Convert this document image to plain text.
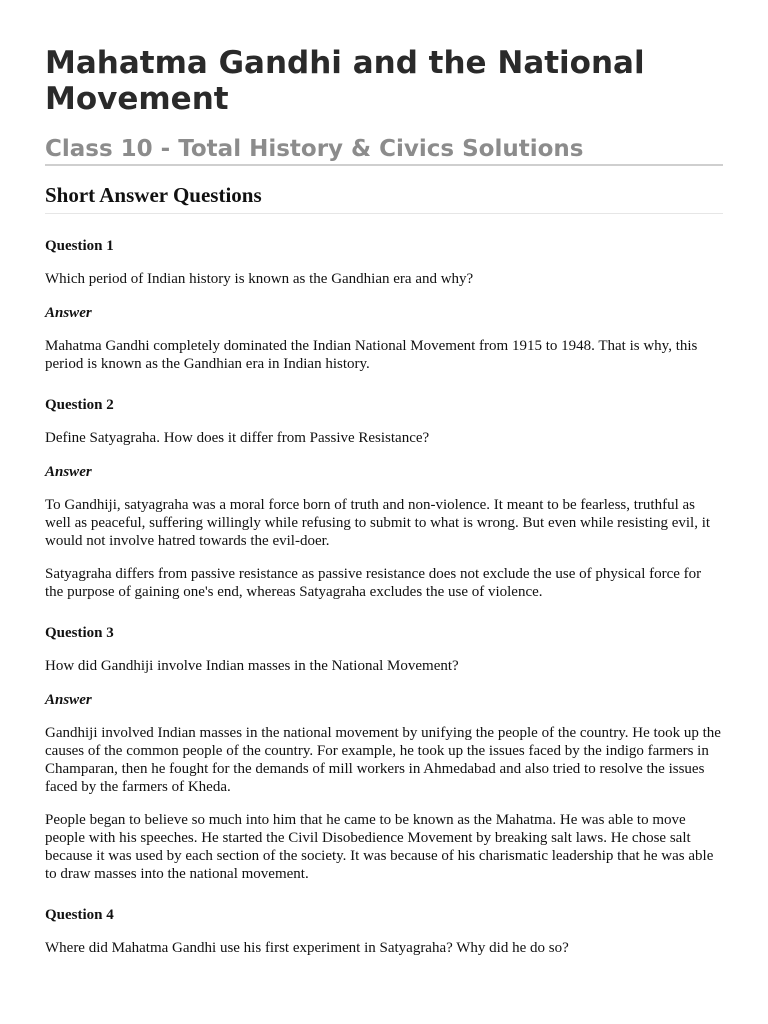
Mahatma Gandhi and the National Movement
Class 10 - Total History & Civics Solutions
Short Answer Questions

Question 1

Which period of Indian history is known as the Gandhian era and why?

Answer

Mahatma Gandhi completely dominated the Indian National Movement from 1915 to 1948. That is why, this period is known as the Gandhian era in Indian history.

Question 2

Define Satyagraha. How does it differ from Passive Resistance?

Answer

To Gandhiji, satyagraha was a moral force born of truth and non-violence. It meant to be fearless, truthful as well as peaceful, suffering willingly while refusing to submit to what is wrong. But even while resisting evil, it would not involve hatred towards the evil-doer.

Satyagraha differs from passive resistance as passive resistance does not exclude the use of physical force for the purpose of gaining one's end, whereas Satyagraha excludes the use of violence.

Question 3

How did Gandhiji involve Indian masses in the National Movement?

Answer

Gandhiji involved Indian masses in the national movement by unifying the people of the country. He took up the causes of the common people of the country. For example, he took up the issues faced by the indigo farmers in Champaran, then he fought for the demands of mill workers in Ahmedabad and also tried to resolve the issues faced by the farmers of Kheda.

People began to believe so much into him that he came to be known as the Mahatma. He was able to move people with his speeches. He started the Civil Disobedience Movement by breaking salt laws. He chose salt because it was used by each section of the society. It was because of his charismatic leadership that he was able to draw masses into the national movement.

Question 4

Where did Mahatma Gandhi use his first experiment in Satyagraha? Why did he do so?
